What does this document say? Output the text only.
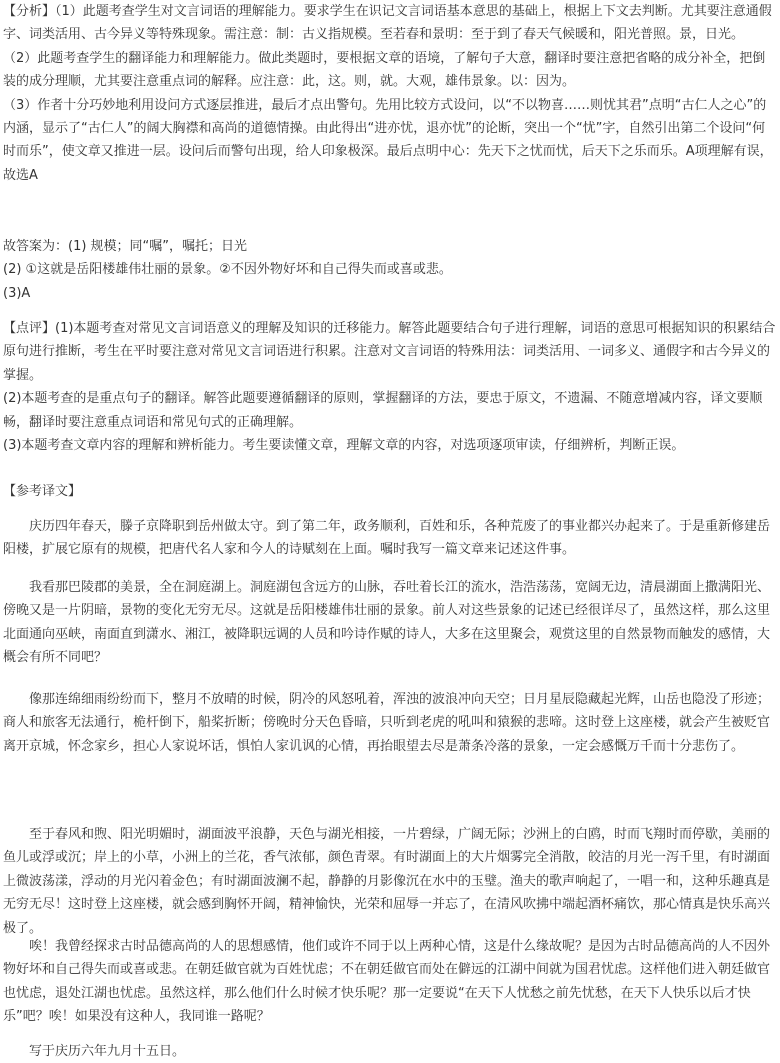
【分析】（1）此题考查学生对文言词语的理解能力。要求学生在识记文言词语基本意思的基础上，根据上下文去判断。尤其要注意通假字、词类活用、古今异义等特殊现象。需注意：制：古义指规模。至若春和景明：至于到了春天气候暖和，阳光普照。景，日光。

（2）此题考查学生的翻译能力和理解能力。做此类题时，要根据文章的语境，了解句子大意，翻译时要注意把省略的成分补全，把倒装的成分理顺，尤其要注意重点词的解释。应注意：此，这。则，就。大观，雄伟景象。以：因为。

（3）作者十分巧妙地利用设问方式逐层推进，最后才点出警句。先用比较方式设问，以“不以物喜……则忧其君”点明“古仁人之心”的内涵，显示了“古仁人”的阔大胸襟和高尚的道德情操。由此得出“进亦忧，退亦忧”的论断，突出一个“忧”字，自然引出第二个设问“何时而乐”，使文章又推进一层。设问后而警句出现，给人印象极深。最后点明中心：先天下之忧而忧，后天下之乐而乐。A项理解有误，故选A

故答案为：(1) 规模；同“嘱”，嘱托；日光

(2) ①这就是岳阳楼雄伟壮丽的景象。②不因外物好坏和自己得失而或喜或悲。

(3)A

【点评】(1)本题考查对常见文言词语意义的理解及知识的迁移能力。解答此题要结合句子进行理解，词语的意思可根据知识的积累结合原句进行推断，考生在平时要注意对常见文言词语进行积累。注意对文言词语的特殊用法：词类活用、一词多义、通假字和古今异义的掌握。

(2)本题考查的是重点句子的翻译。解答此题要遵循翻译的原则，掌握翻译的方法，要忠于原文，不遗漏、不随意增减内容，译文要顺畅，翻译时要注意重点词语和常见句式的正确理解。

(3)本题考查文章内容的理解和辨析能力。考生要读懂文章，理解文章的内容，对选项逐项审读，仔细辨析，判断正误。

【参考译文】
庆历四年春天，滕子京降职到岳州做太守。到了第二年，政务顺利，百姓和乐，各种荒废了的事业都兴办起来了。于是重新修建岳阳楼，扩展它原有的规模，把唐代名人家和今人的诗赋刻在上面。嘱时我写一篇文章来记述这件事。
我看那巴陵郡的美景，全在洞庭湖上。洞庭湖包含远方的山脉，吞吐着长江的流水，浩浩荡荡，宽阔无边，清晨湖面上撒满阳光、傍晚又是一片阴暗，景物的变化无穷无尽。这就是岳阳楼雄伟壮丽的景象。前人对这些景象的记述已经很详尽了，虽然这样，那么这里北面通向巫峡，南面直到潇水、湘江，被降职远调的人员和吟诗作赋的诗人，大多在这里聚会，观赏这里的自然景物而触发的感情，大概会有所不同吧？
像那连绵细雨纷纷而下，整月不放晴的时候，阴冷的风怒吼着，浑浊的波浪冲向天空；日月星辰隐藏起光辉，山岳也隐没了形迹；商人和旅客无法通行，桅杆倒下，船桨折断；傍晚时分天色昏暗，只听到老虎的吼叫和猿猴的悲啼。这时登上这座楼，就会产生被贬官离开京城，怀念家乡，担心人家说坏话，惧怕人家讥讽的心情，再抬眼望去尽是萧条冷落的景象，一定会感慨万千而十分悲伤了。
至于春风和煦、阳光明媚时，湖面波平浪静，天色与湖光相接，一片碧绿，广阔无际；沙洲上的白鸥，时而飞翔时而停歇，美丽的鱼儿或浮或沉；岸上的小草，小洲上的兰花，香气浓郁，颜色青翠。有时湖面上的大片烟雾完全消散，皎洁的月光一泻千里，有时湖面上微波荡漾，浮动的月光闪着金色；有时湖面波澜不起，静静的月影像沉在水中的玉璧。渔夫的歌声响起了，一唱一和，这种乐趣真是无穷无尽！这时登上这座楼，就会感到胸怀开阔，精神愉快，光荣和屈辱一并忘了，在清风吹拂中端起酒杯痛饮，那心情真是快乐高兴极了。
唉！我曾经探求古时品德高尚的人的思想感情，他们或许不同于以上两种心情，这是什么缘故呢？是因为古时品德高尚的人不因外物好坏和自己得失而或喜或悲。在朝廷做官就为百姓忧虑；不在朝廷做官而处在僻远的江湖中间就为国君忧虑。这样他们进入朝廷做官也忧虑，退处江湖也忧虑。虽然这样，那么他们什么时候才快乐呢？那一定要说“在天下人忧愁之前先忧愁，在天下人快乐以后才快乐”吧？唉！如果没有这种人，我同谁一路呢？
写于庆历六年九月十五日。
